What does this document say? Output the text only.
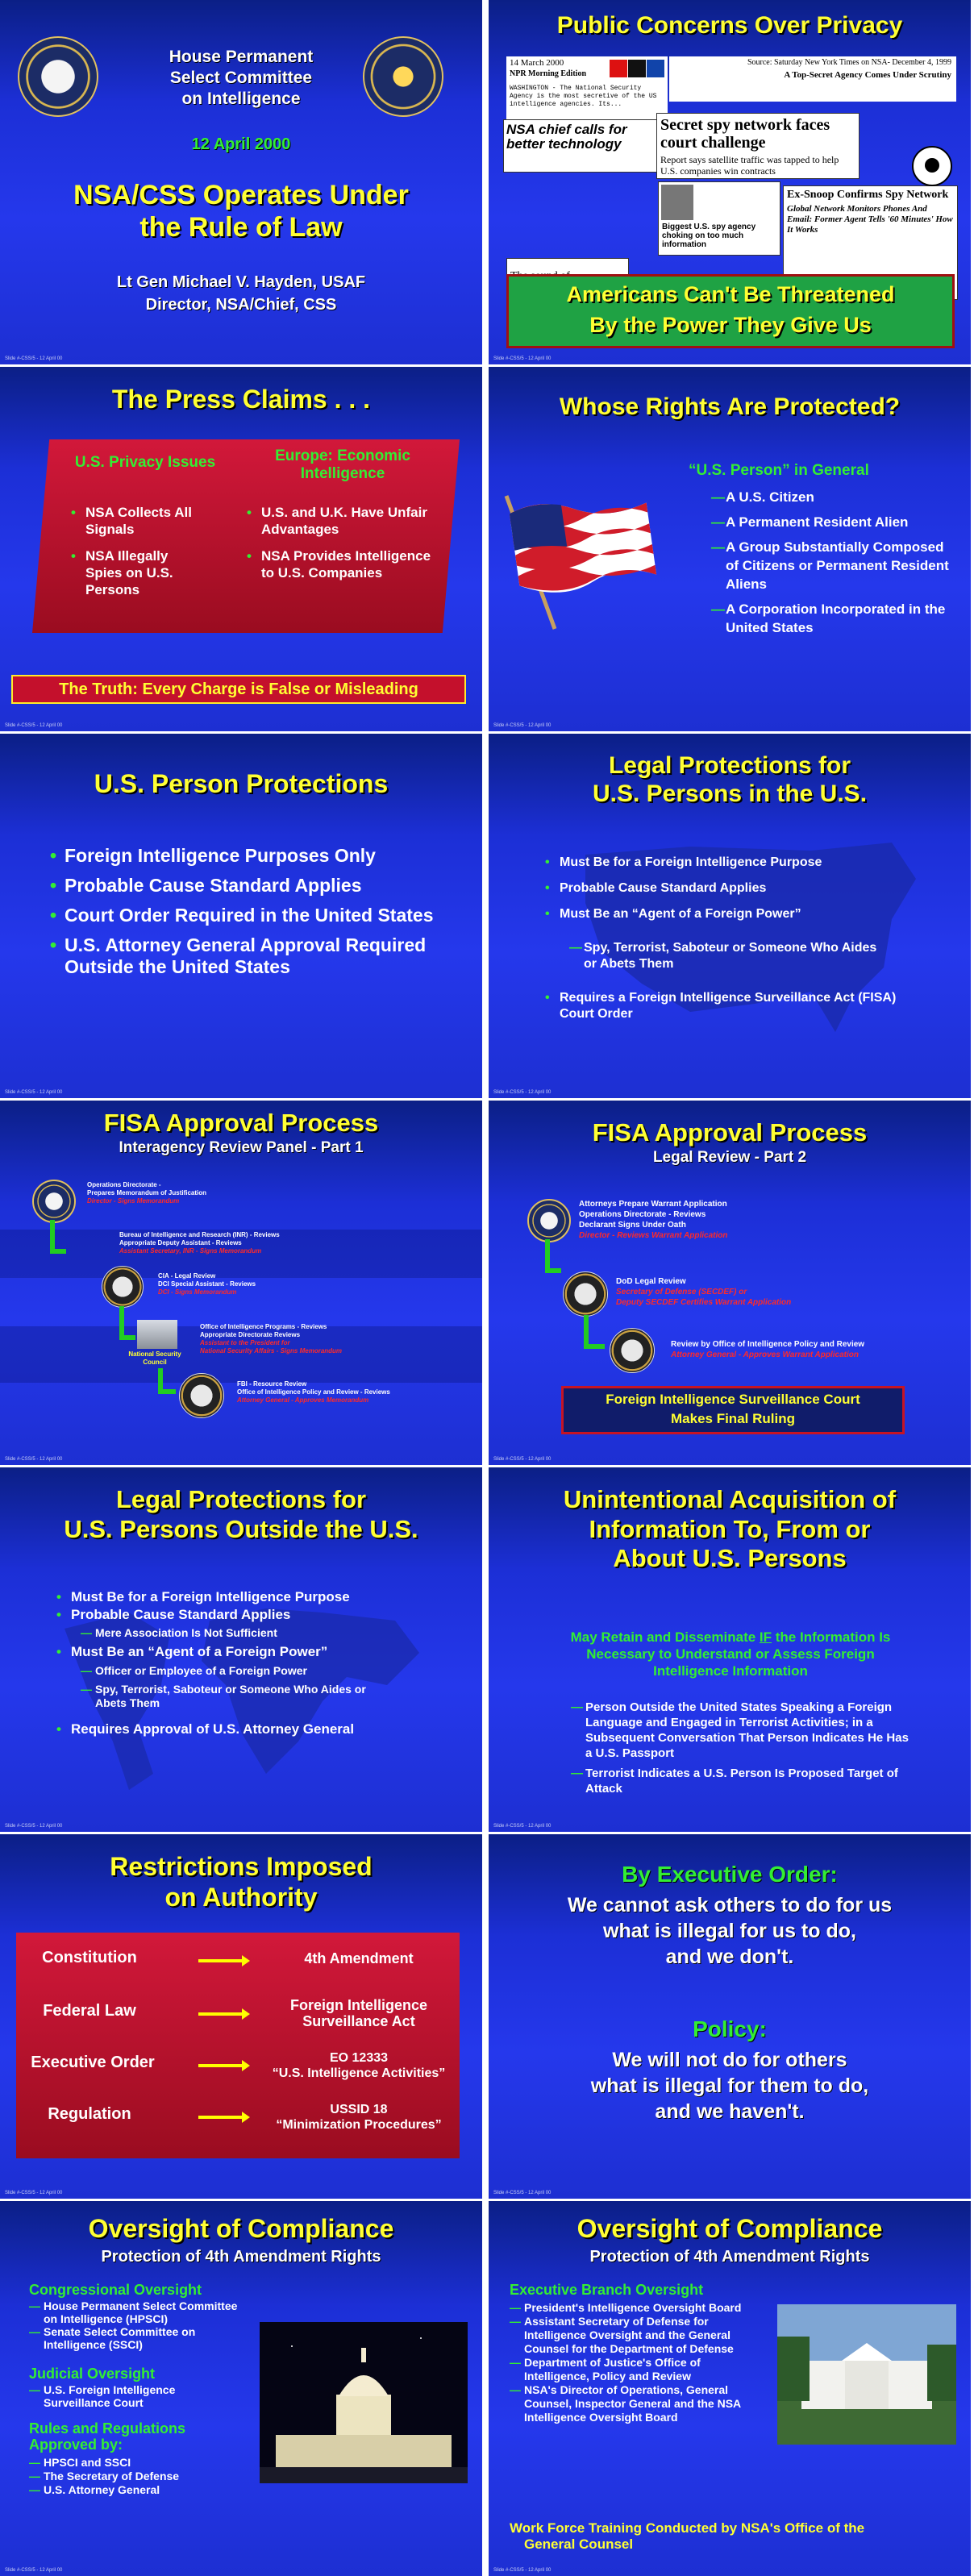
House Permanent
Select Committee
on Intelligence
12 April 2000
NSA/CSS Operates Under
the Rule of Law
Lt Gen Michael V. Hayden, USAF
Director, NSA/Chief, CSS
Slide #-CSS/5 - 12 April 00
Public Concerns Over Privacy
14 March 2000
NPR Morning Edition
WASHINGTON - The National Security Agency is the most secretive of the US intelligence agencies. Its...
Source: Saturday New York Times on NSA- December 4, 1999
A Top-Secret Agency Comes Under Scrutiny
NSA chief calls for better technology
Secret spy network faces court challenge
Report says satellite traffic was tapped to help U.S. companies win contracts
Biggest U.S. spy agency choking on too much information
Ex-Snoop Confirms Spy Network
Global Network Monitors Phones And Email: Former Agent Tells '60 Minutes' How It Works
Americans Can't Be Threatened
By the Power They Give Us
Slide #-CSS/5 - 12 April 00
The Press Claims . . .
U.S. Privacy Issues	Europe: Economic Intelligence
• NSA Collects All Signals
• NSA Illegally Spies on U.S. Persons
• U.S. and U.K. Have Unfair Advantages
• NSA Provides Intelligence to U.S. Companies
The Truth: Every Charge is False or Misleading
Slide #-CSS/5 - 12 April 00
Whose Rights Are Protected?
“U.S. Person” in General
— A U.S. Citizen
— A Permanent Resident Alien
— A Group Substantially Composed of Citizens or Permanent Resident Aliens
— A Corporation Incorporated in the United States
Slide #-CSS/5 - 12 April 00
U.S. Person Protections
• Foreign Intelligence Purposes Only
• Probable Cause Standard Applies
• Court Order Required in the United States
• U.S. Attorney General Approval Required Outside the United States
Slide #-CSS/5 - 12 April 00
Legal Protections for
U.S. Persons in the U.S.
• Must Be for a Foreign Intelligence Purpose
• Probable Cause Standard Applies
• Must Be an “Agent of a Foreign Power”
— Spy, Terrorist, Saboteur or Someone Who Aides or Abets Them
• Requires a Foreign Intelligence Surveillance Act (FISA) Court Order
Slide #-CSS/5 - 12 April 00
FISA Approval Process
Interagency Review Panel - Part 1
Operations Directorate -
Prepares Memorandum of Justification
Director - Signs Memorandum
Bureau of Intelligence and Research (INR) - Reviews
Appropriate Deputy Assistant - Reviews
Assistant Secretary, INR - Signs Memorandum
CIA - Legal Review
DCI Special Assistant - Reviews
DCI - Signs Memorandum
National Security
Council
Office of Intelligence Programs - Reviews
Appropriate Directorate Reviews
Assistant to the President for
National Security Affairs - Signs Memorandum
FBI - Resource Review
Office of Intelligence Policy and Review - Reviews
Attorney General - Approves Memorandum
Slide #-CSS/5 - 12 April 00
FISA Approval Process
Legal Review - Part 2
Attorneys Prepare Warrant Application
Operations Directorate - Reviews
Declarant Signs Under Oath
Director - Reviews Warrant Application
DoD Legal Review
Secretary of Defense (SECDEF) or
Deputy SECDEF Certifies Warrant Application
Review by Office of Intelligence Policy and Review
Attorney General - Approves Warrant Application
Foreign Intelligence Surveillance Court
Makes Final Ruling
Slide #-CSS/5 - 12 April 00
Legal Protections for
U.S. Persons Outside the U.S.
• Must Be for a Foreign Intelligence Purpose
• Probable Cause Standard Applies
— Mere Association Is Not Sufficient
• Must Be an “Agent of a Foreign Power”
— Officer or Employee of a Foreign Power
— Spy, Terrorist, Saboteur or Someone Who Aides or Abets Them
• Requires Approval of U.S. Attorney General
Slide #-CSS/5 - 12 April 00
Unintentional Acquisition of
Information To, From or
About U.S. Persons
May Retain and Disseminate IF the Information Is Necessary to Understand or Assess Foreign Intelligence Information
— Person Outside the United States Speaking a Foreign Language and Engaged in Terrorist Activities; in a Subsequent Conversation That Person Indicates He Has a U.S. Passport
— Terrorist Indicates a U.S. Person Is Proposed Target of Attack
Slide #-CSS/5 - 12 April 00
Restrictions Imposed
on Authority
Constitution	4th Amendment
Federal Law	Foreign Intelligence
Surveillance Act
Executive Order	EO 12333
“U.S. Intelligence Activities”
Regulation	USSID 18
“Minimization Procedures”
Slide #-CSS/5 - 12 April 00
By Executive Order:
We cannot ask others to do for us
what is illegal for us to do,
and we don't.
Policy:
We will not do for others
what is illegal for them to do,
and we haven't.
Slide #-CSS/5 - 12 April 00
Oversight of Compliance
Protection of 4th Amendment Rights
Congressional Oversight
— House Permanent Select Committee on Intelligence (HPSCI)
— Senate Select Committee on Intelligence (SSCI)
Judicial Oversight
— U.S. Foreign Intelligence Surveillance Court
Rules and Regulations
Approved by:
— HPSCI and SSCI
— The Secretary of Defense
— U.S. Attorney General
Slide #-CSS/5 - 12 April 00
Oversight of Compliance
Protection of 4th Amendment Rights
Executive Branch Oversight
— President's Intelligence Oversight Board
— Assistant Secretary of Defense for Intelligence Oversight and the General Counsel for the Department of Defense
— Department of Justice's Office of Intelligence, Policy and Review
— NSA's Director of Operations, General Counsel, Inspector General and the NSA Intelligence Oversight Board
Work Force Training Conducted by NSA's Office of the
General Counsel
Slide #-CSS/5 - 12 April 00
